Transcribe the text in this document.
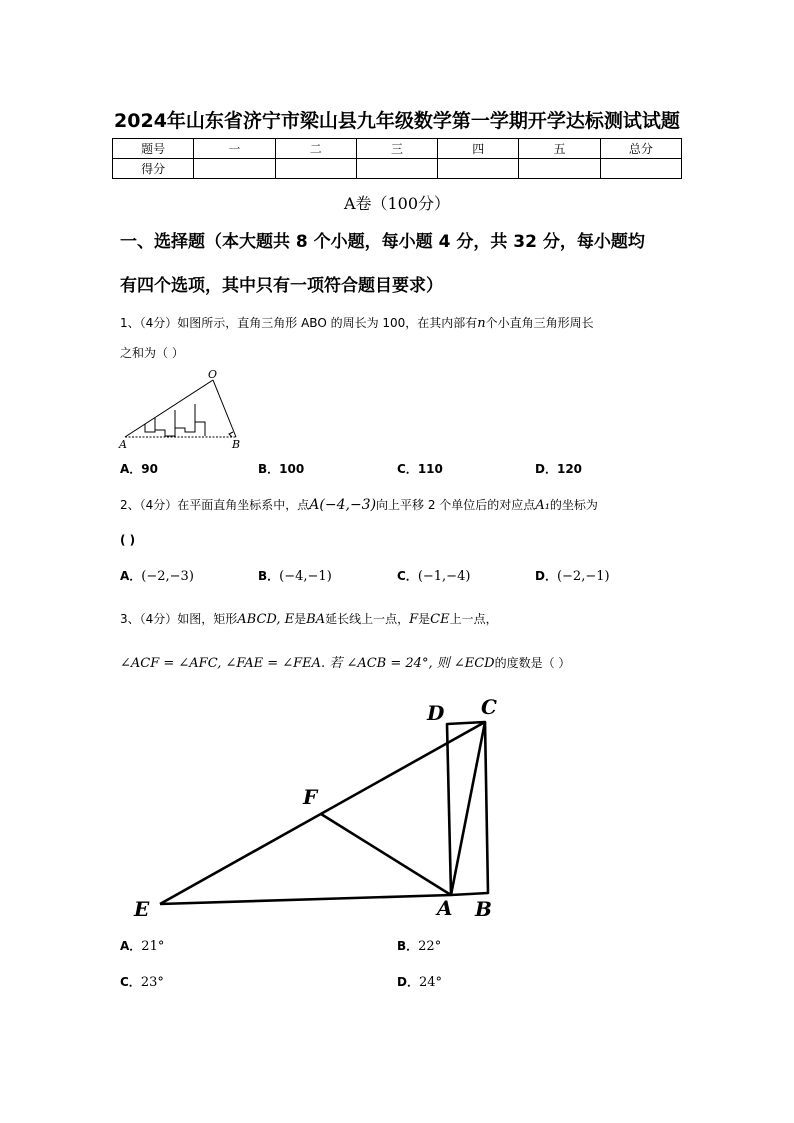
2024年山东省济宁市梁山县九年级数学第一学期开学达标测试试题
题号	一	二	三	四	五	总分
得分						
A卷（100分）
一、选择题（本大题共 8 个小题，每小题 4 分，共 32 分，每小题均
有四个选项，其中只有一项符合题目要求）
1、（4分）如图所示，直角三角形 ABO 的周长为 100，在其内部有n个小直角三角形周长
之和为（ ）
O
A	B
A．90	B．100	C．110	D．120
2、（4分）在平面直角坐标系中，点A(−4,−3)向上平移 2 个单位后的对应点A₁的坐标为
( )
A．(−2,−3)	B．(−4,−1)	C．(−1,−4)	D．(−2,−1)
3、（4分）如图，矩形ABCD, E是BA延长线上一点，F是CE上一点，
∠ACF = ∠AFC, ∠FAE = ∠FEA. 若 ∠ACB = 24°, 则 ∠ECD的度数是（ ）
D C
F
E	A B
A．21°	B．22°
C．23°	D．24°
